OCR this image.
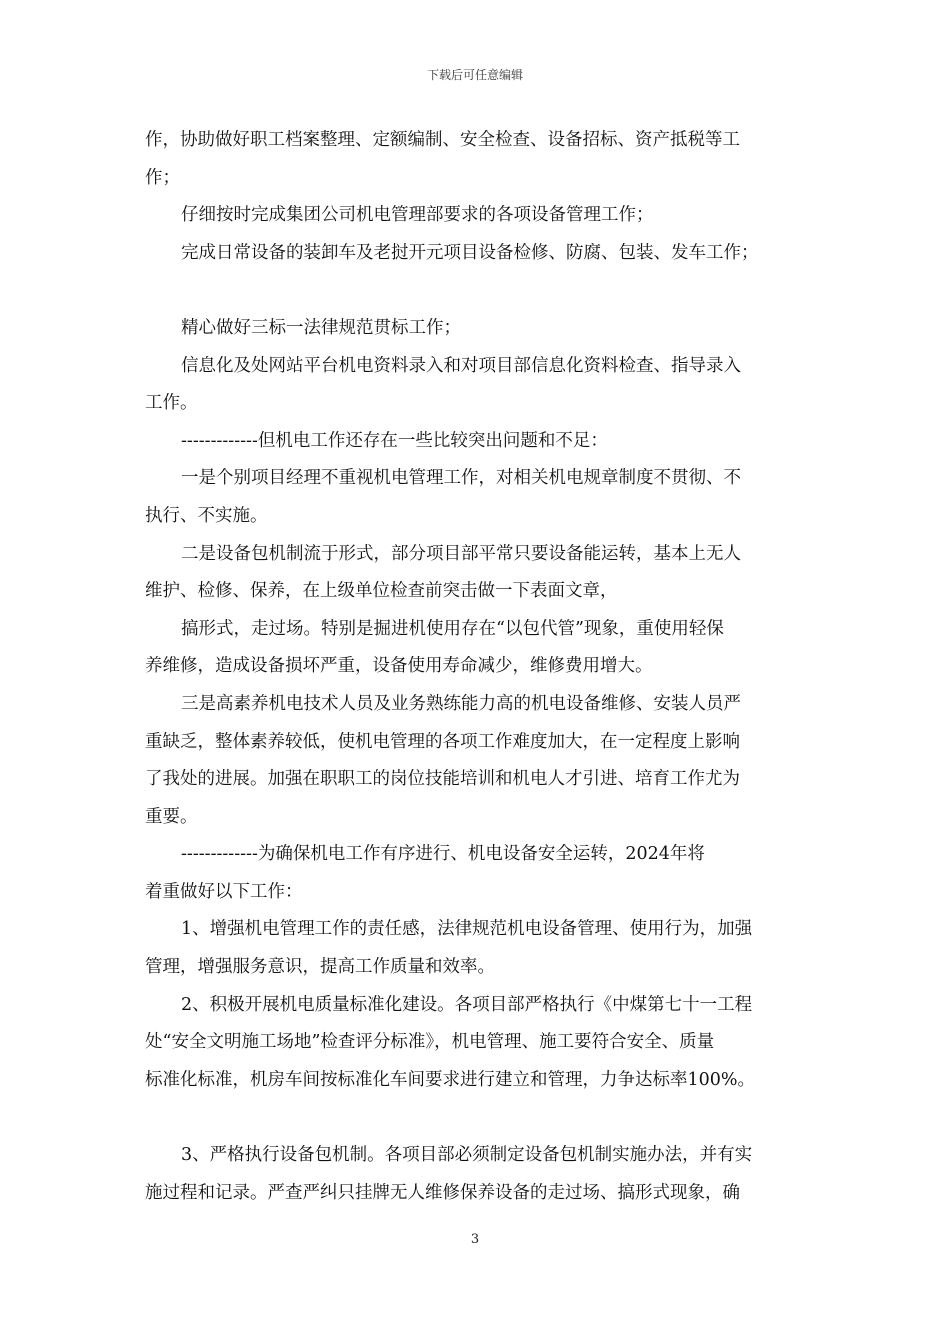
下载后可任意编辑
作，协助做好职工档案整理、定额编制、安全检查、设备招标、资产抵税等工
作；
仔细按时完成集团公司机电管理部要求的各项设备管理工作；
完成日常设备的装卸车及老挝开元项目设备检修、防腐、包装、发车工作；
精心做好三标一法律规范贯标工作；
信息化及处网站平台机电资料录入和对项目部信息化资料检查、指导录入
工作。
-------------但机电工作还存在一些比较突出问题和不足：
一是个别项目经理不重视机电管理工作，对相关机电规章制度不贯彻、不
执行、不实施。
二是设备包机制流于形式，部分项目部平常只要设备能运转，基本上无人
维护、检修、保养，在上级单位检查前突击做一下表面文章，
搞形式，走过场。特别是掘进机使用存在“以包代管”现象，重使用轻保
养维修，造成设备损坏严重，设备使用寿命减少，维修费用增大。
三是高素养机电技术人员及业务熟练能力高的机电设备维修、安装人员严
重缺乏，整体素养较低，使机电管理的各项工作难度加大，在一定程度上影响
了我处的进展。加强在职职工的岗位技能培训和机电人才引进、培育工作尤为
重要。
-------------为确保机电工作有序进行、机电设备安全运转，2024年将
着重做好以下工作：
1、增强机电管理工作的责任感，法律规范机电设备管理、使用行为，加强
管理，增强服务意识，提高工作质量和效率。
2、积极开展机电质量标准化建设。各项目部严格执行《中煤第七十一工程
处“安全文明施工场地”检查评分标准》，机电管理、施工要符合安全、质量
标准化标准，机房车间按标准化车间要求进行建立和管理，力争达标率100%。
3、严格执行设备包机制。各项目部必须制定设备包机制实施办法，并有实
施过程和记录。严查严纠只挂牌无人维修保养设备的走过场、搞形式现象，确
3
